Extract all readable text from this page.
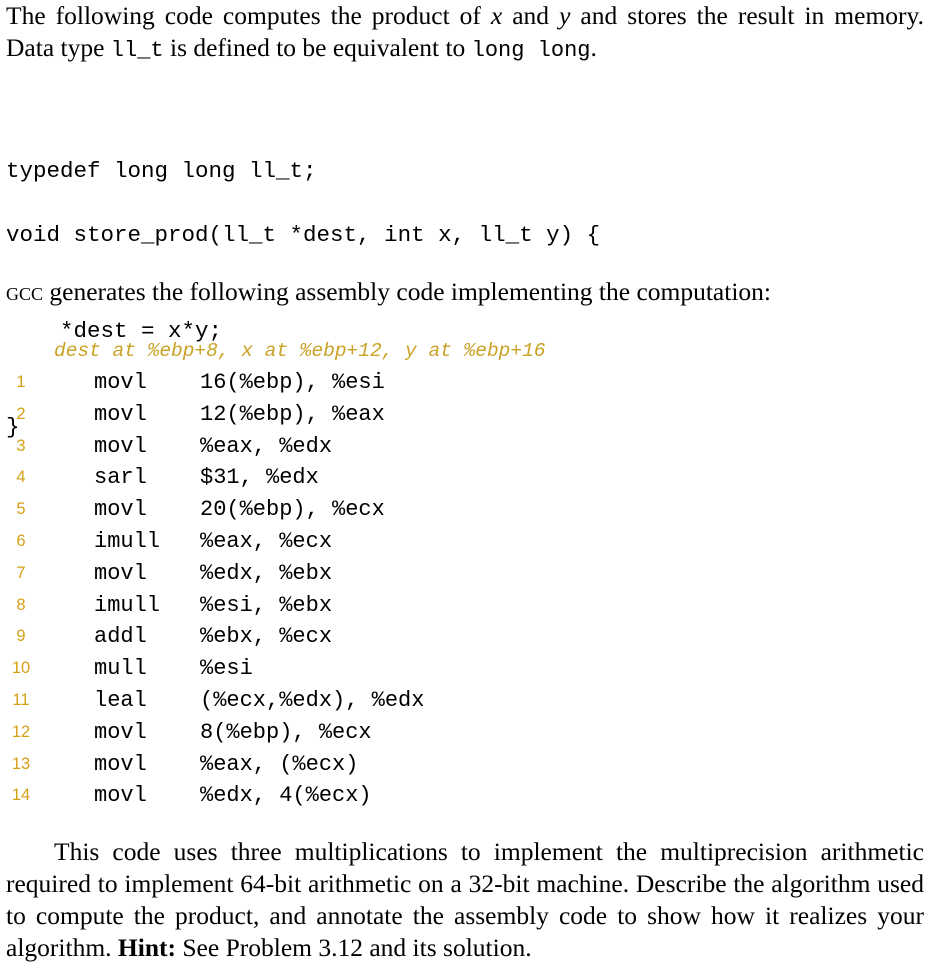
The following code computes the product of x and y and stores the result in memory. Data type ll_t is defined to be equivalent to long long.

typedef long long ll_t;

void store_prod(ll_t *dest, int x, ll_t y) {

*dest = x*y;

}

gcc generates the following assembly code implementing the computation:
dest at %ebp+8, x at %ebp+12, y at %ebp+16
1	movl 16(%ebp), %esi
2	movl 12(%ebp), %eax
3	movl %eax, %edx
4	sarl $31, %edx
5	movl 20(%ebp), %ecx
6	imull %eax, %ecx
7	movl %edx, %ebx
8	imull %esi, %ebx
9	addl %ebx, %ecx
10	mull %esi
11	leal (%ecx,%edx), %edx
12	movl 8(%ebp), %ecx
13	movl %eax, (%ecx)
14	movl %edx, 4(%ecx)

This code uses three multiplications to implement the multiprecision arithmetic required to implement 64-bit arithmetic on a 32-bit machine. Describe the algorithm used to compute the product, and annotate the assembly code to show how it realizes your algorithm. Hint: See Problem 3.12 and its solution.
